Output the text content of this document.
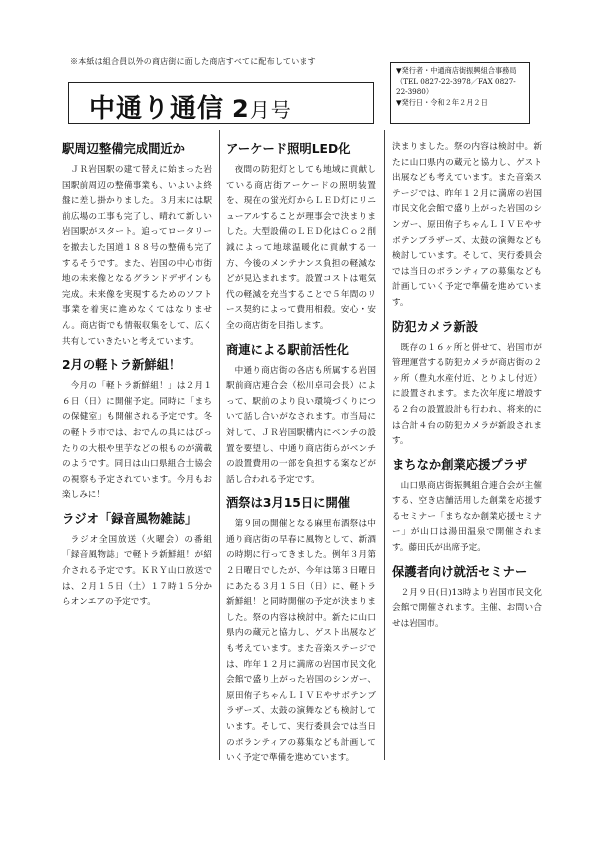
※本紙は組合員以外の商店街に面した商店すべてに配布しています
中通り通信 2月号
▼発行者・中通商店街振興組合事務局（TEL 0827-22-3978／FAX 0827-22-3980）
▼発行日・令和２年２月２日
駅周辺整備完成間近か

ＪＲ岩国駅の建て替えに始まった岩国駅前周辺の整備事業も、いよいよ終盤に差し掛かりました。３月末には駅前広場の工事も完了し、晴れて新しい岩国駅がスタート。追ってロータリーを撤去した国道１８８号の整備も完了するそうです。また、岩国の中心市街地の未来像となるグランドデザインも完成。未来像を実現するためのソフト事業を着実に進めなくてはなりません。商店街でも情報収集をして、広く共有していきたいと考えています。

2月の軽トラ新鮮組！

今月の「軽トラ新鮮組！」は２月１６日（日）に開催予定。同時に「まちの保健室」も開催される予定です。冬の軽トラ市では、おでんの具にはぴったりの大根や里芋などの根ものが満載のようです。同日は山口県組合士協会の視察も予定されています。今月もお楽しみに！

ラジオ「録音風物雑誌」

ラジオ全国放送（火曜会）の番組「録音風物誌」で軽トラ新鮮組！が紹介される予定です。ＫＲＹ山口放送では、２月１５日（土）１７時１５分からオンエアの予定です。

アーケード照明LED化

夜間の防犯灯としても地域に貢献している商店街アーケードの照明装置を、現在の蛍光灯からＬＥＤ灯にリニューアルすることが理事会で決まりました。大型設備のＬＥＤ化はＣｏ２削減によって地球温暖化に貢献する一方、今後のメンテナンス負担の軽減などが見込まれます。設置コストは電気代の軽減を充当することで５年間のリース契約によって費用相殺。安心・安全の商店街を目指します。

商連による駅前活性化

中通り商店街の各店も所属する岩国駅前商店連合会（松川卓司会長）によって、駅前のより良い環境づくりについて話し合いがなされます。市当局に対して、ＪＲ岩国駅構内にベンチの設置を要望し、中通り商店街らがベンチの設置費用の一部を負担する案などが話し合われる予定です。

酒祭は3月15日に開催

第９回の開催となる麻里布酒祭は中通り商店街の早春に風物として、新酒の時期に行ってきました。例年３月第２日曜日でしたが、今年は第３日曜日にあたる３月１５日（日）に、軽トラ新鮮組！と同時開催の予定が決まりました。祭の内容は検討中。新たに山口県内の蔵元と協力し、ゲスト出展なども考えています。また音楽ステージでは、昨年１２月に満席の岩国市民文化会館で盛り上がった岩国のシンガー、原田侑子ちゃんＬＩＶＥやサボテンブラザーズ、太鼓の演舞なども検討しています。そして、実行委員会では当日のボランティアの募集なども計画していく予定で準備を進めています。

決まりました。祭の内容は検討中。新たに山口県内の蔵元と協力し、ゲスト出展なども考えています。また音楽ステージでは、昨年１２月に満席の岩国市民文化会館で盛り上がった岩国のシンガー、原田侑子ちゃんＬＩＶＥやサボテンブラザーズ、太鼓の演舞なども検討しています。そして、実行委員会では当日のボランティアの募集なども計画していく予定で準備を進めています。

防犯カメラ新設

既存の１６ヶ所と併せて、岩国市が管理運営する防犯カメラが商店街の２ヶ所（豊丸水産付近、とりよし付近）に設置されます。また次年度に増設する２台の設置設計も行われ、将来的には合計４台の防犯カメラが新設されます。

まちなか創業応援プラザ

山口県商店街振興組合連合会が主催する、空き店舗活用した創業を応援するセミナー「まちなか創業応援セミナー」が山口は湯田温泉で開催されます。藤田氏が出席予定。

保護者向け就活セミナー

２月９日(日)13時より岩国市民文化会館で開催されます。主催、お問い合せは岩国市。
